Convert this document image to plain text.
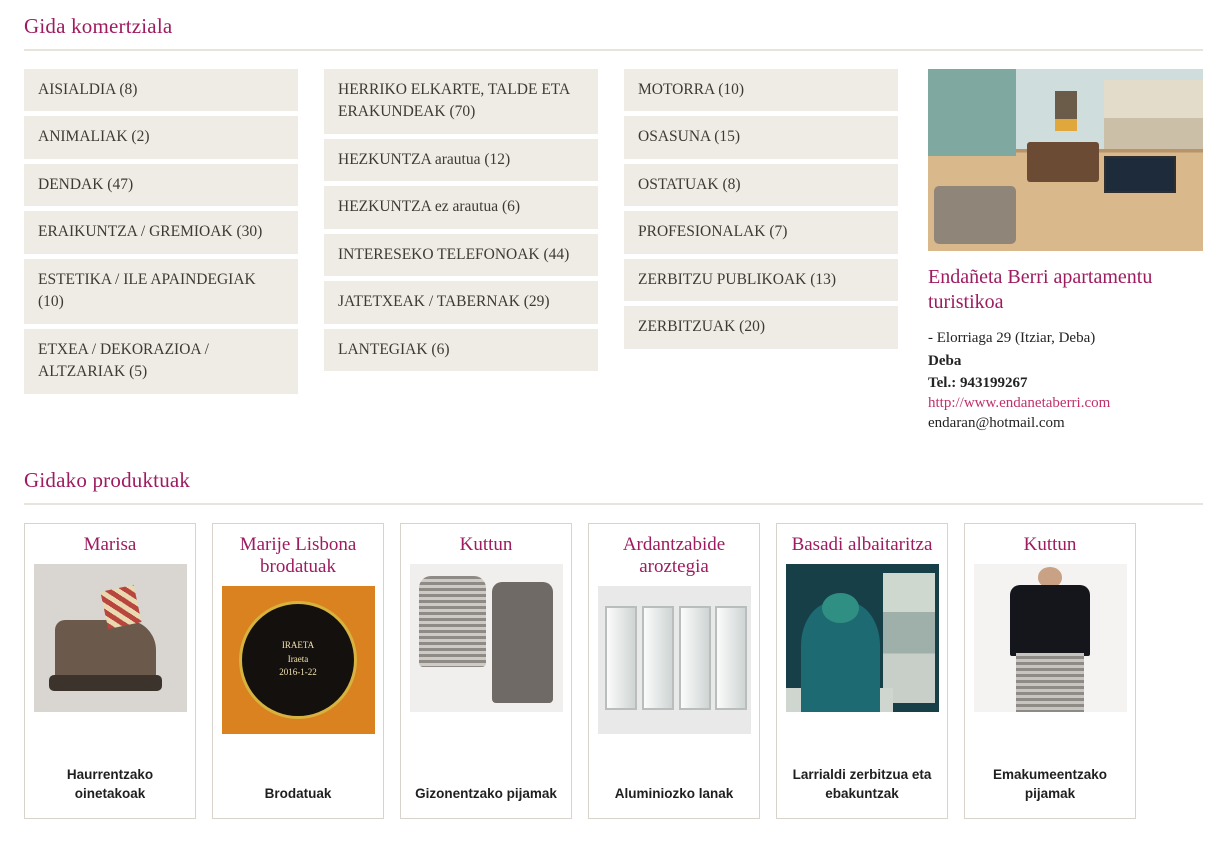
Gida komertziala
AISIALDIA (8)
ANIMALIAK (2)
DENDAK (47)
ERAIKUNTZA / GREMIOAK (30)
ESTETIKA / ILE APAINDEGIAK (10)
ETXEA / DEKORAZIOA / ALTZARIAK (5)
HERRIKO ELKARTE, TALDE ETA ERAKUNDEAK (70)
HEZKUNTZA arautua (12)
HEZKUNTZA ez arautua (6)
INTERESEKO TELEFONOAK (44)
JATETXEAK / TABERNAK (29)
LANTEGIAK (6)
MOTORRA (10)
OSASUNA (15)
OSTATUAK (8)
PROFESIONALAK (7)
ZERBITZU PUBLIKOAK (13)
ZERBITZUAK (20)
Endañeta Berri apartamentu turistikoa
- Elorriaga 29 (Itziar, Deba)
Deba
Tel.: 943199267
http://www.endanetaberri.com
endaran@hotmail.com
Gidako produktuak
Marisa
Haurrentzako oinetakoak
Marije Lisbona brodatuak
IRAETA
Iraeta
2016-1-22
Brodatuak
Kuttun
Gizonentzako pijamak
Ardantzabide aroztegia
Aluminiozko lanak
Basadi albaitaritza
Larrialdi zerbitzua eta ebakuntzak
Kuttun
Emakumeentzako pijamak
